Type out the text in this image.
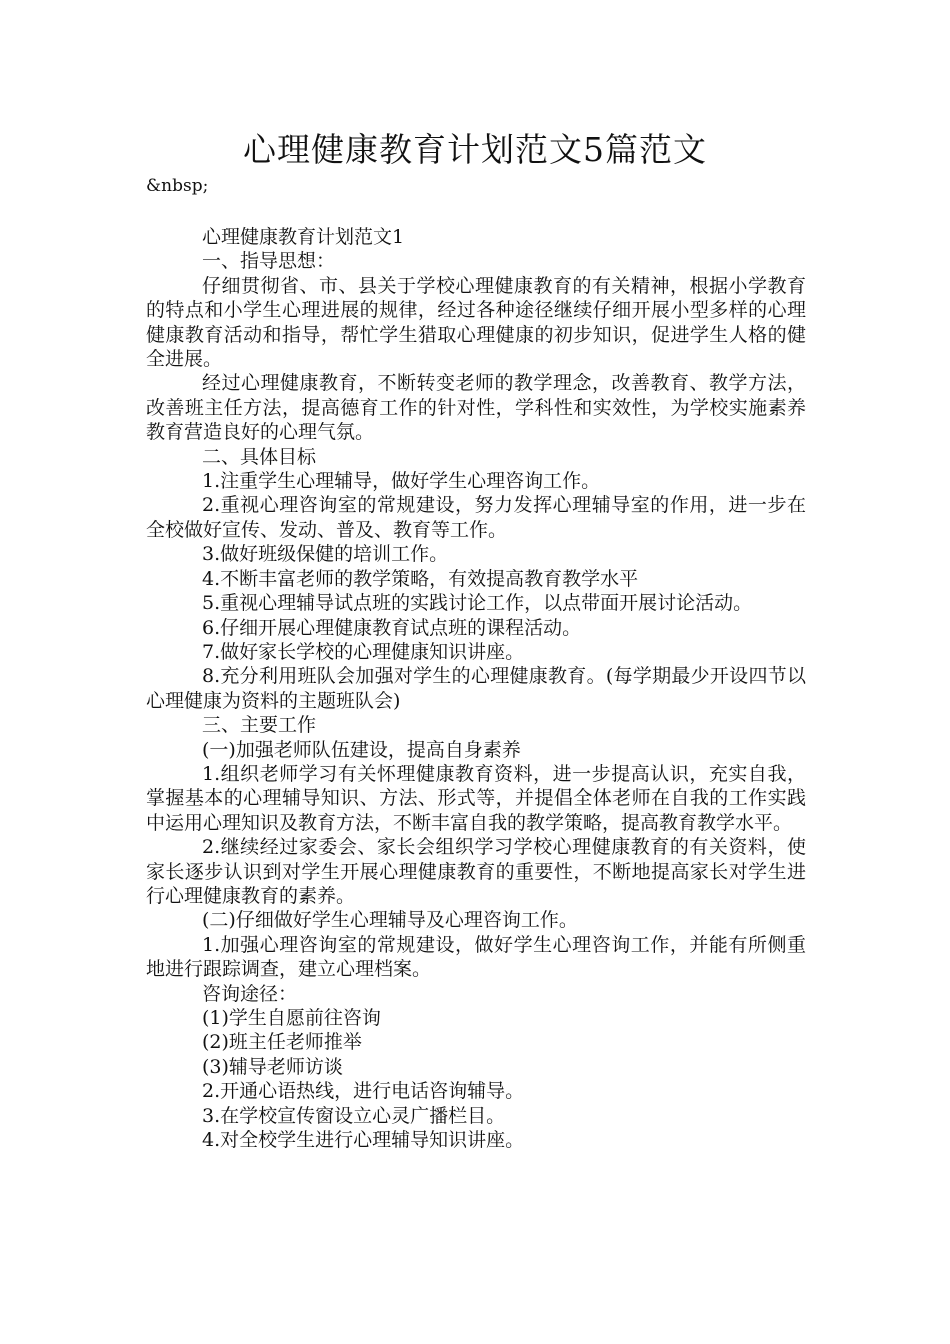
心理健康教育计划范文5篇范文
&nbsp;

心理健康教育计划范文1

一、指导思想：

仔细贯彻省、市、县关于学校心理健康教育的有关精神，根据小学教育的特点和小学生心理进展的规律，经过各种途径继续仔细开展小型多样的心理健康教育活动和指导，帮忙学生猎取心理健康的初步知识，促进学生人格的健全进展。

经过心理健康教育，不断转变老师的教学理念，改善教育、教学方法，改善班主任方法，提高德育工作的针对性，学科性和实效性，为学校实施素养教育营造良好的心理气氛。

二、具体目标

1.注重学生心理辅导，做好学生心理咨询工作。

2.重视心理咨询室的常规建设，努力发挥心理辅导室的作用，进一步在全校做好宣传、发动、普及、教育等工作。

3.做好班级保健的培训工作。

4.不断丰富老师的教学策略，有效提高教育教学水平

5.重视心理辅导试点班的实践讨论工作，以点带面开展讨论活动。

6.仔细开展心理健康教育试点班的课程活动。

7.做好家长学校的心理健康知识讲座。

8.充分利用班队会加强对学生的心理健康教育。(每学期最少开设四节以心理健康为资料的主题班队会)

三、主要工作

(一)加强老师队伍建设，提高自身素养

1.组织老师学习有关怀理健康教育资料，进一步提高认识，充实自我，掌握基本的心理辅导知识、方法、形式等，并提倡全体老师在自我的工作实践中运用心理知识及教育方法，不断丰富自我的教学策略，提高教育教学水平。

2.继续经过家委会、家长会组织学习学校心理健康教育的有关资料，使家长逐步认识到对学生开展心理健康教育的重要性，不断地提高家长对学生进行心理健康教育的素养。

(二)仔细做好学生心理辅导及心理咨询工作。

1.加强心理咨询室的常规建设，做好学生心理咨询工作，并能有所侧重地进行跟踪调查，建立心理档案。

咨询途径：

(1)学生自愿前往咨询

(2)班主任老师推举

(3)辅导老师访谈

2.开通心语热线，进行电话咨询辅导。

3.在学校宣传窗设立心灵广播栏目。

4.对全校学生进行心理辅导知识讲座。
